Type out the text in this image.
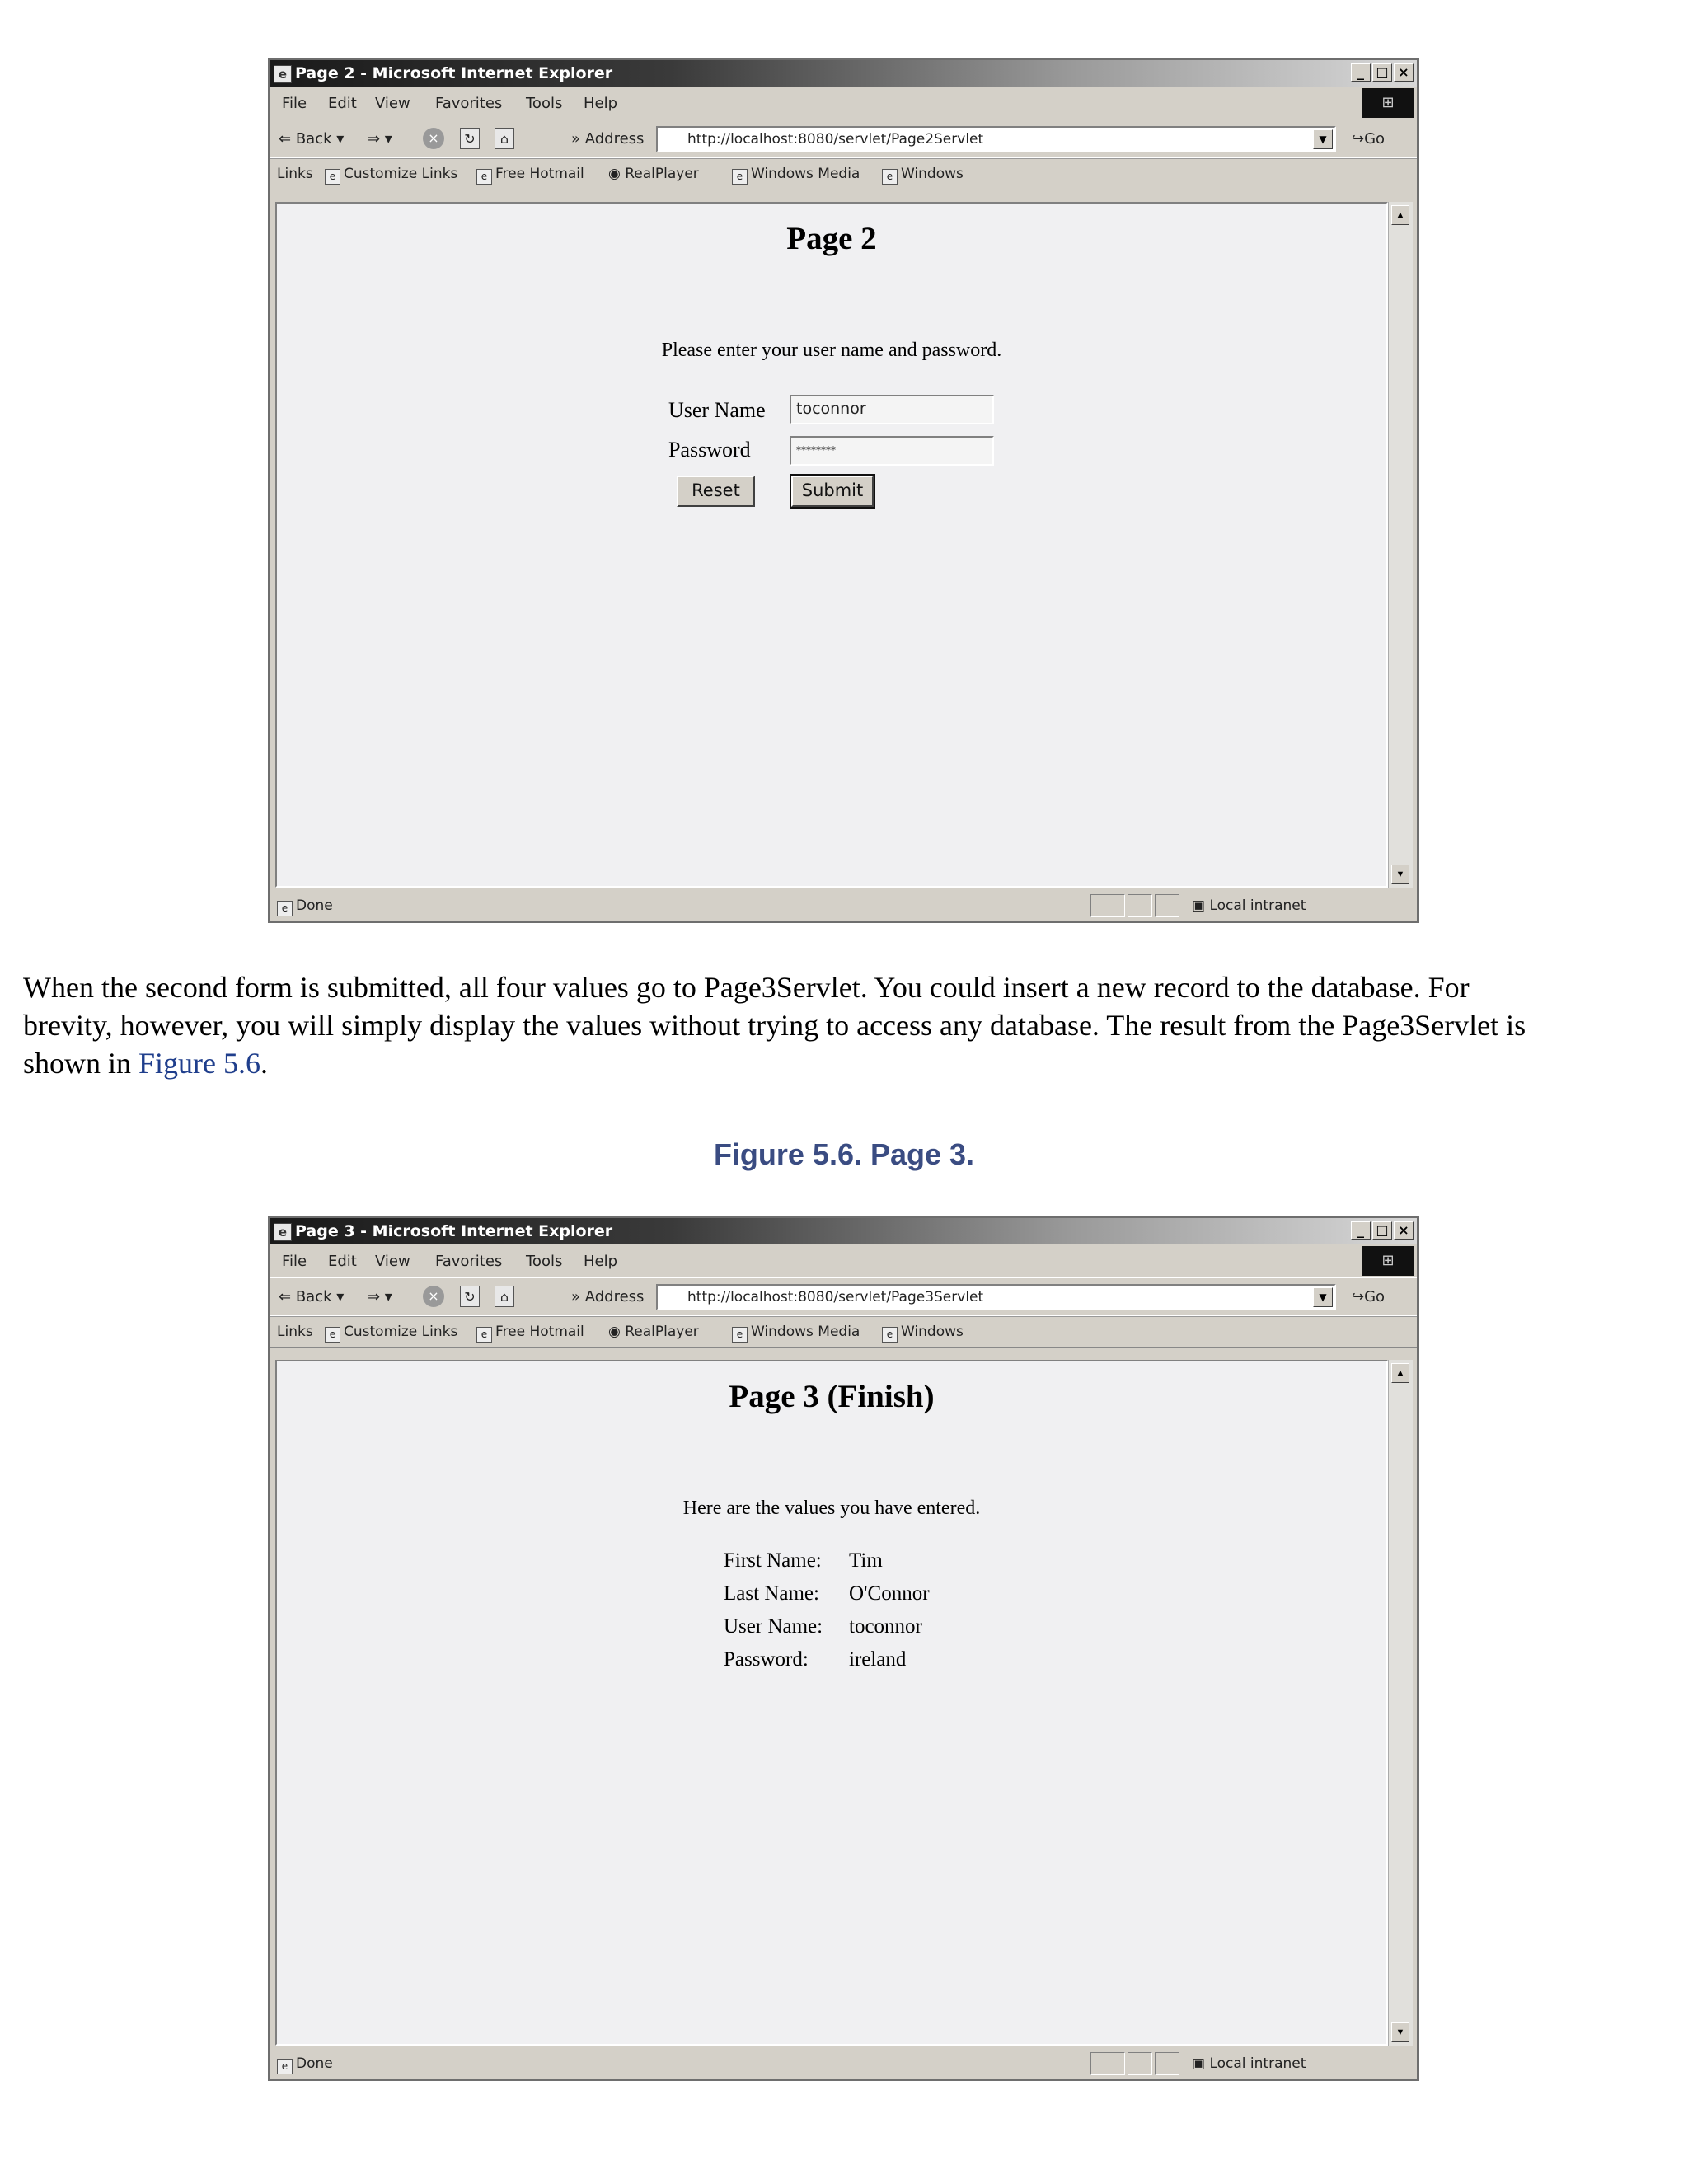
e Page 2 - Microsoft Internet Explorer	_ □ ×
File Edit View Favorites Tools Help	⊞
⇐ Back ▾ ⇒ ▾	×	↻	⌂	» Address	http://localhost:8080/servlet/Page2Servlet	▼	↪Go
Links	e Customize Links	e Free Hotmail ◉ RealPlayer	e Windows Media	e Windows
Page 2
Please enter your user name and password.
User Name	toconnor
Password	********
Reset	Submit
▲
▼
e Done	▣ Local intranet
When the second form is submitted, all four values go to Page3Servlet. You could insert a new record to the database. For
brevity, however, you will simply display the values without trying to access any database. The result from the Page3Servlet is
shown in Figure 5.6.
Figure 5.6. Page 3.
e Page 3 - Microsoft Internet Explorer	_ □ ×
File Edit View Favorites Tools Help	⊞
⇐ Back ▾ ⇒ ▾	×	↻	⌂	» Address	http://localhost:8080/servlet/Page3Servlet	▼	↪Go
Links	e Customize Links	e Free Hotmail ◉ RealPlayer	e Windows Media	e Windows
Page 3 (Finish)
Here are the values you have entered.
First Name: Tim
Last Name: O'Connor
User Name: toconnor
Password: ireland
▲
▼
e Done	▣ Local intranet
